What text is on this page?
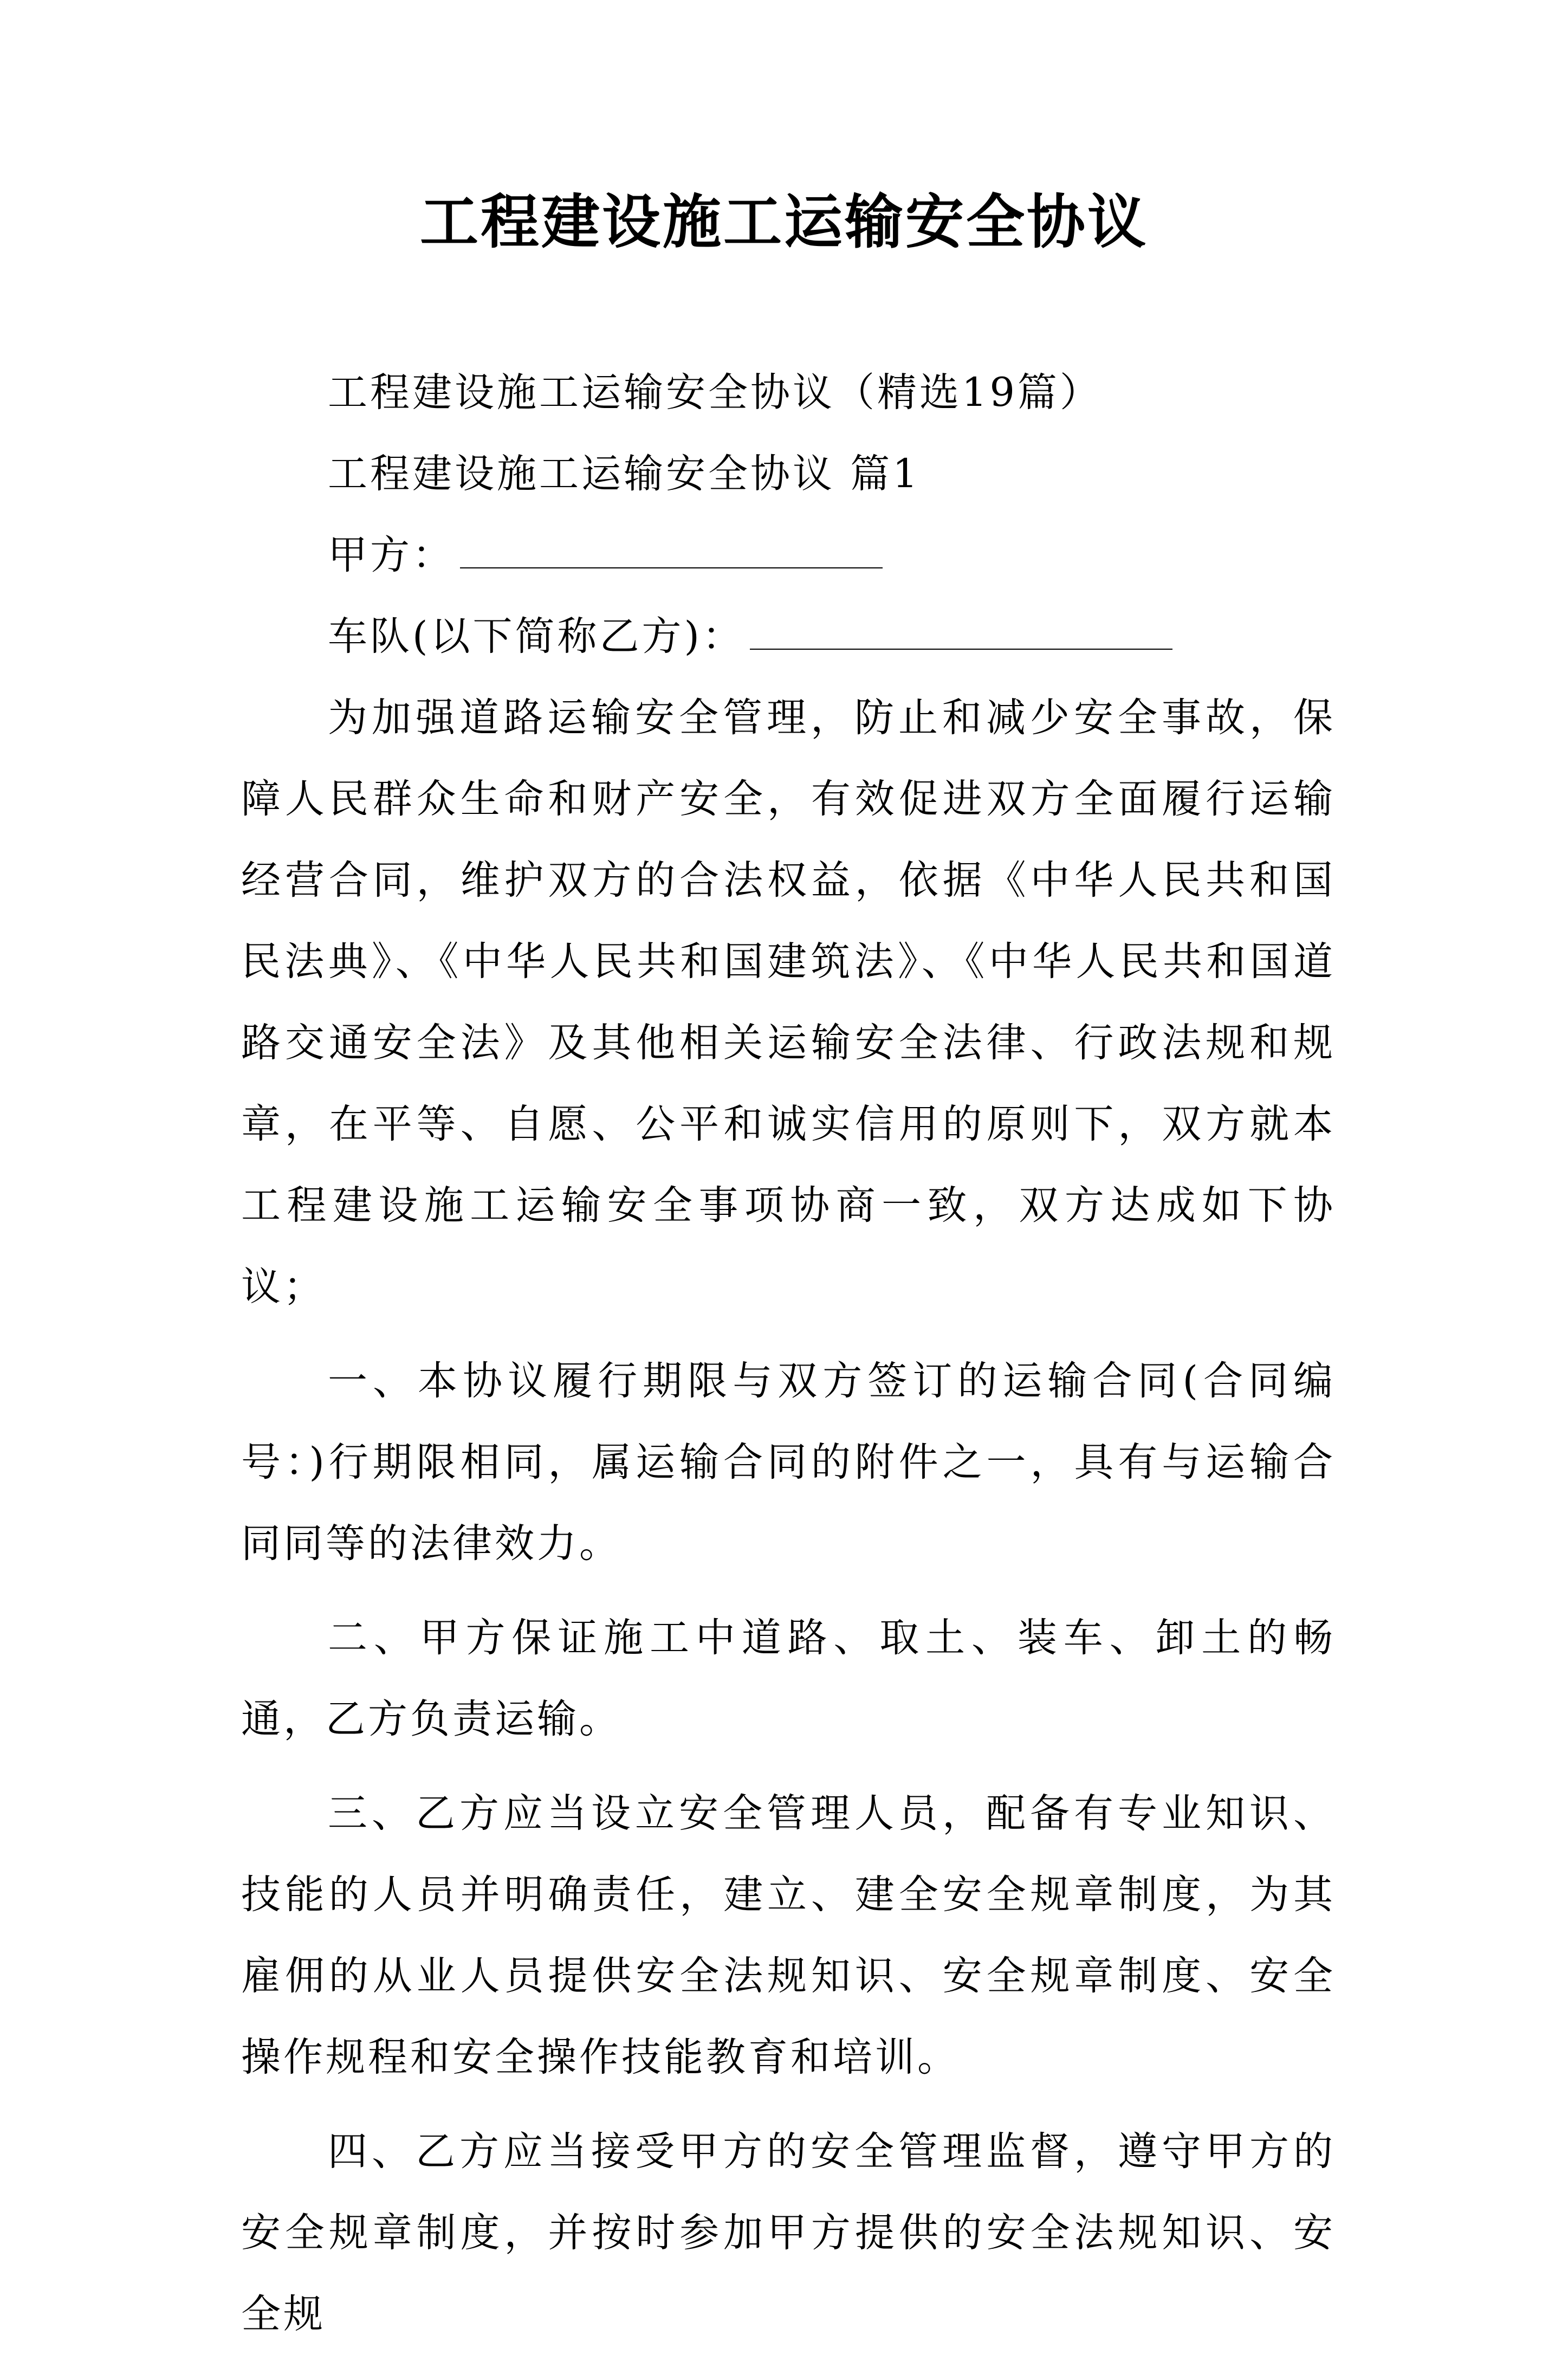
工程建设施工运输安全协议

工程建设施工运输安全协议（精选19篇）

工程建设施工运输安全协议 篇1

甲方：

车队(以下简称乙方)：

为加强道路运输安全管理，防止和减少安全事故，保障人民群众生命和财产安全，有效促进双方全面履行运输经营合同，维护双方的合法权益，依据《中华人民共和国民法典》、《中华人民共和国建筑法》、《中华人民共和国道路交通安全法》及其他相关运输安全法律、行政法规和规章，在平等、自愿、公平和诚实信用的原则下，双方就本工程建设施工运输安全事项协商一致，双方达成如下协议；

一、本协议履行期限与双方签订的运输合同(合同编号：)行期限相同，属运输合同的附件之一，具有与运输合同同等的法律效力。

二、甲方保证施工中道路、取土、装车、卸土的畅通，乙方负责运输。

三、乙方应当设立安全管理人员，配备有专业知识、技能的人员并明确责任，建立、建全安全规章制度，为其雇佣的从业人员提供安全法规知识、安全规章制度、安全操作规程和安全操作技能教育和培训。

四、乙方应当接受甲方的安全管理监督，遵守甲方的安全规章制度，并按时参加甲方提供的安全法规知识、安全规
